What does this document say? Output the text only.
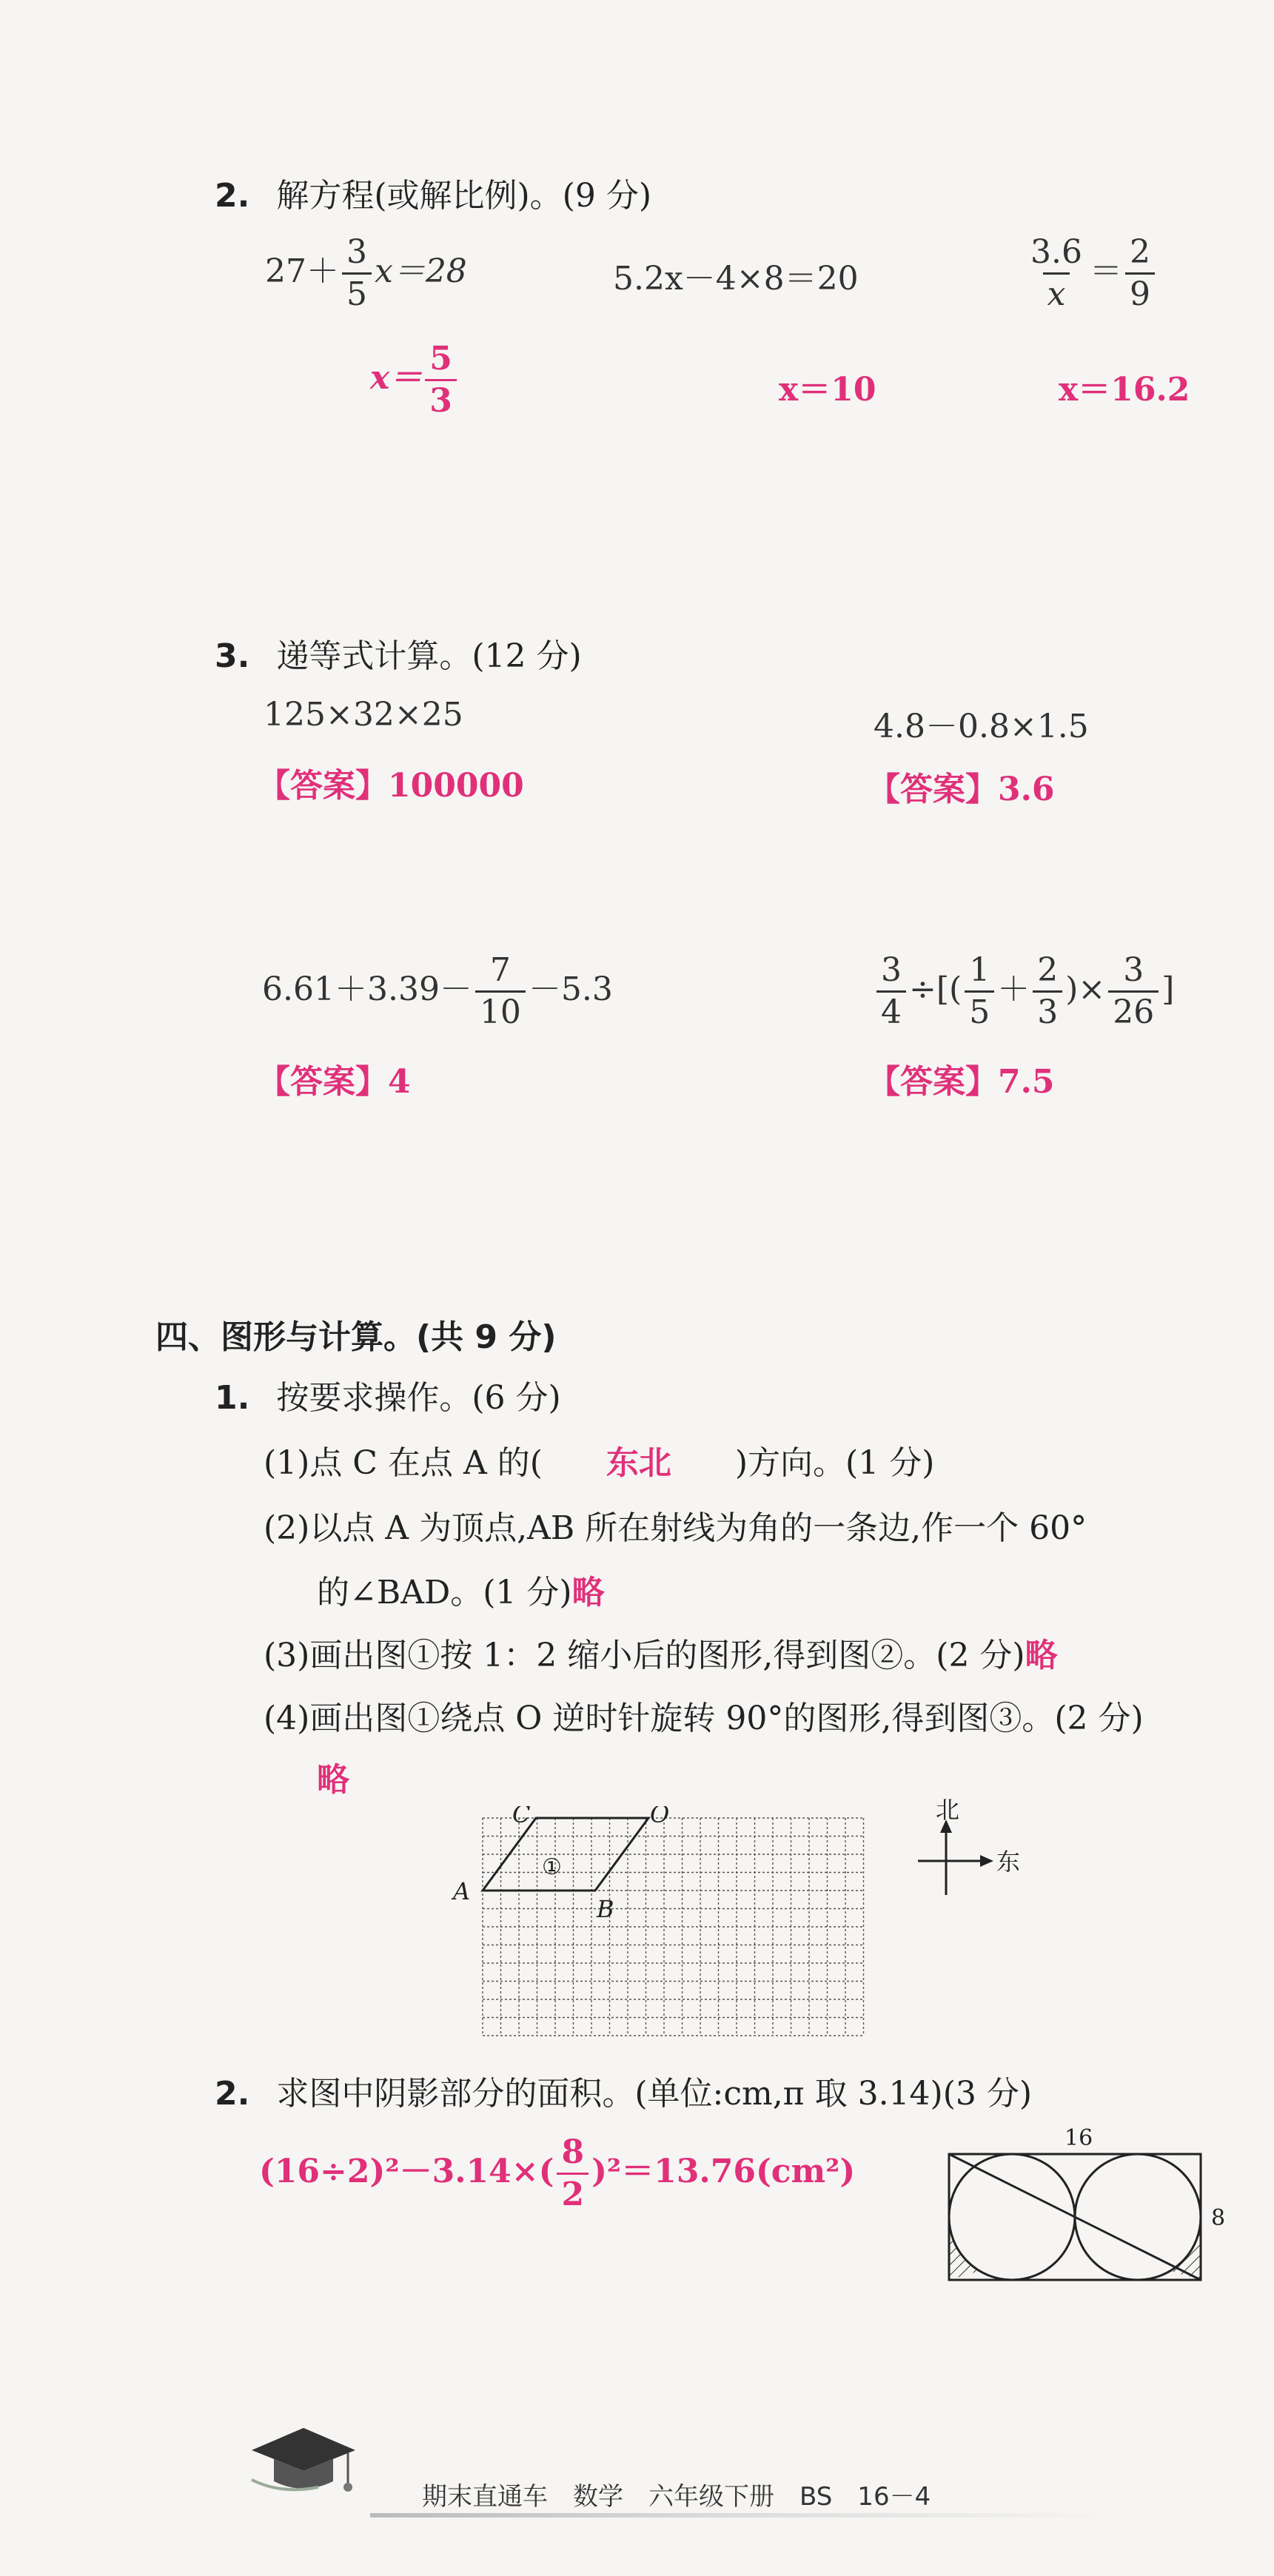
2. 解方程(或解比例)。(9 分)
$27+ \frac{3}{5} x=28$	5.2x－4×8＝20	$\frac{3.6}{x} = \frac{2}{9}$
$x= \frac{5}{3}$	x＝10	x＝16.2
3. 递等式计算。(12 分)
125×32×25	4.8－0.8×1.5
【答案】100000	【答案】3.6
$6.61+3.39- \frac{7}{10} -5.3$	$\frac{3}{4}$ ÷[( $\frac{1}{5} + \frac{2}{3}$ )× $\frac{3}{26}$ ]
【答案】4	【答案】7.5
四、图形与计算。(共 9 分)
1. 按要求操作。(6 分)
(1)点 C 在点 A 的( 东北 )方向。(1 分)
(2)以点 A 为顶点,AB 所在射线为角的一条边,作一个 60°
的∠BAD。(1 分)略
(3)画出图①按 1：2 缩小后的图形,得到图②。(2 分)略
(4)画出图①绕点 O 逆时针旋转 90°的图形,得到图③。(2 分)
略
C	O
A
B
①
北
东
2. 求图中阴影部分的面积。(单位:cm,π 取 3.14)(3 分)
$(16\div 2)^2-3.14\times( \frac{8}{2} )^2=13.76(cm^2)$
16
8
期末直通车　数学　六年级下册　BS　16－4
